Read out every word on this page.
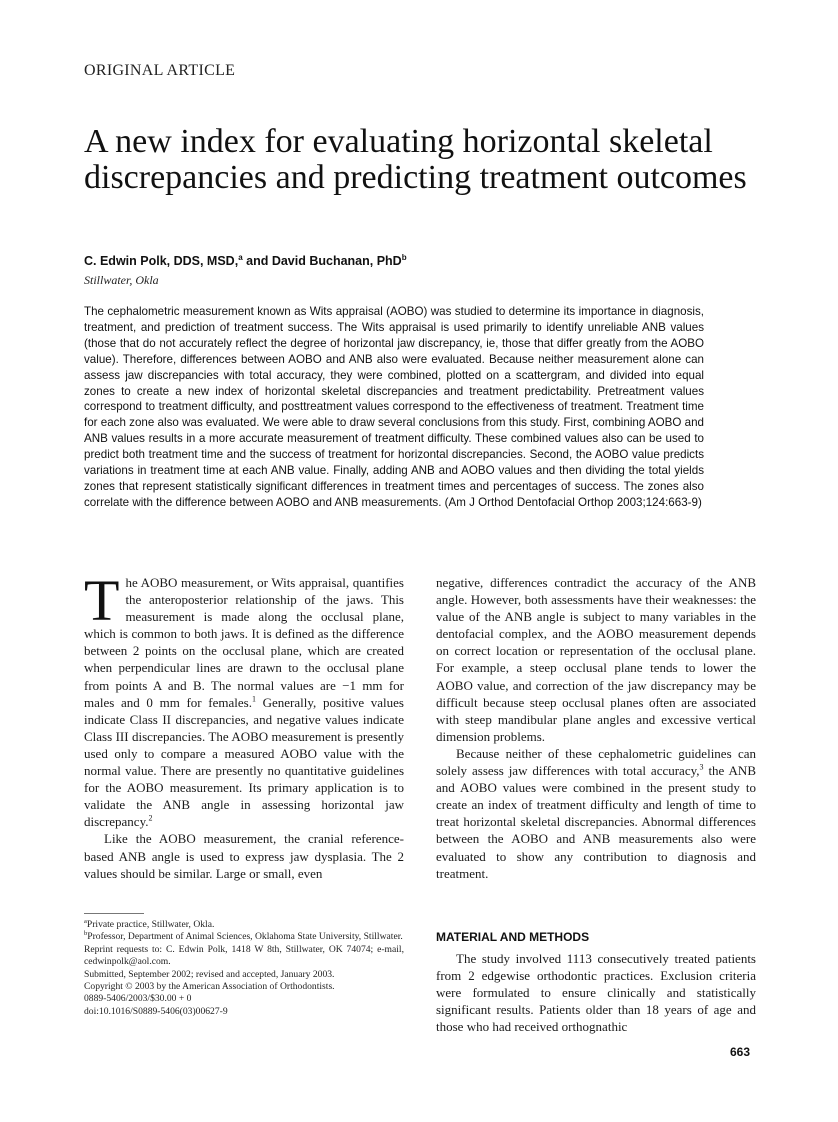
ORIGINAL ARTICLE
A new index for evaluating horizontal skeletal discrepancies and predicting treatment outcomes
C. Edwin Polk, DDS, MSD,$^a$ and David Buchanan, PhD$^b$
Stillwater, Okla
The cephalometric measurement known as Wits appraisal (AOBO) was studied to determine its importance in diagnosis, treatment, and prediction of treatment success. The Wits appraisal is used primarily to identify unreliable ANB values (those that do not accurately reflect the degree of horizontal jaw discrepancy, ie, those that differ greatly from the AOBO value). Therefore, differences between AOBO and ANB also were evaluated. Because neither measurement alone can assess jaw discrepancies with total accuracy, they were combined, plotted on a scattergram, and divided into equal zones to create a new index of horizontal skeletal discrepancies and treatment predictability. Pretreatment values correspond to treatment difficulty, and posttreatment values correspond to the effectiveness of treatment. Treatment time for each zone also was evaluated. We were able to draw several conclusions from this study. First, combining AOBO and ANB values results in a more accurate measurement of treatment difficulty. These combined values also can be used to predict both treatment time and the success of treatment for horizontal discrepancies. Second, the AOBO value predicts variations in treatment time at each ANB value. Finally, adding ANB and AOBO values and then dividing the total yields zones that represent statistically significant differences in treatment times and percentages of success. The zones also correlate with the difference between AOBO and ANB measurements. (Am J Orthod Dentofacial Orthop 2003;124:663-9)

The AOBO measurement, or Wits appraisal, quantifies the anteroposterior relationship of the jaws. This measurement is made along the occlusal plane, which is common to both jaws. It is defined as the difference between 2 points on the occlusal plane, which are created when perpendicular lines are drawn to the occlusal plane from points A and B. The normal values are −1 mm for males and 0 mm for females.$^1$ Generally, positive values indicate Class II discrepancies, and negative values indicate Class III discrepancies. The AOBO measurement is presently used only to compare a measured AOBO value with the normal value. There are presently no quantitative guidelines for the AOBO measurement. Its primary application is to validate the ANB angle in assessing horizontal jaw discrepancy.$^2$

Like the AOBO measurement, the cranial reference-based ANB angle is used to express jaw dysplasia. The 2 values should be similar. Large or small, even

negative, differences contradict the accuracy of the ANB angle. However, both assessments have their weaknesses: the value of the ANB angle is subject to many variables in the dentofacial complex, and the AOBO measurement depends on correct location or representation of the occlusal plane. For example, a steep occlusal plane tends to lower the AOBO value, and correction of the jaw discrepancy may be difficult because steep occlusal planes often are associated with steep mandibular plane angles and excessive vertical dimension problems.

Because neither of these cephalometric guidelines can solely assess jaw differences with total accuracy,$^3$ the ANB and AOBO values were combined in the present study to create an index of treatment difficulty and length of time to treat horizontal skeletal discrepancies. Abnormal differences between the AOBO and ANB measurements also were evaluated to show any contribution to diagnosis and treatment.

MATERIAL AND METHODS
The study involved 1113 consecutively treated patients from 2 edgewise orthodontic practices. Exclusion criteria were formulated to ensure clinically and statistically significant results. Patients older than 18 years of age and those who had received orthognathic
$^a$Private practice, Stillwater, Okla.
$^b$Professor, Department of Animal Sciences, Oklahoma State University, Stillwater.
Reprint requests to: C. Edwin Polk, 1418 W 8th, Stillwater, OK 74074; e-mail, cedwinpolk@aol.com.
Submitted, September 2002; revised and accepted, January 2003.
Copyright © 2003 by the American Association of Orthodontists.
0889-5406/2003/$30.00 + 0
doi:10.1016/S0889-5406(03)00627-9
663
